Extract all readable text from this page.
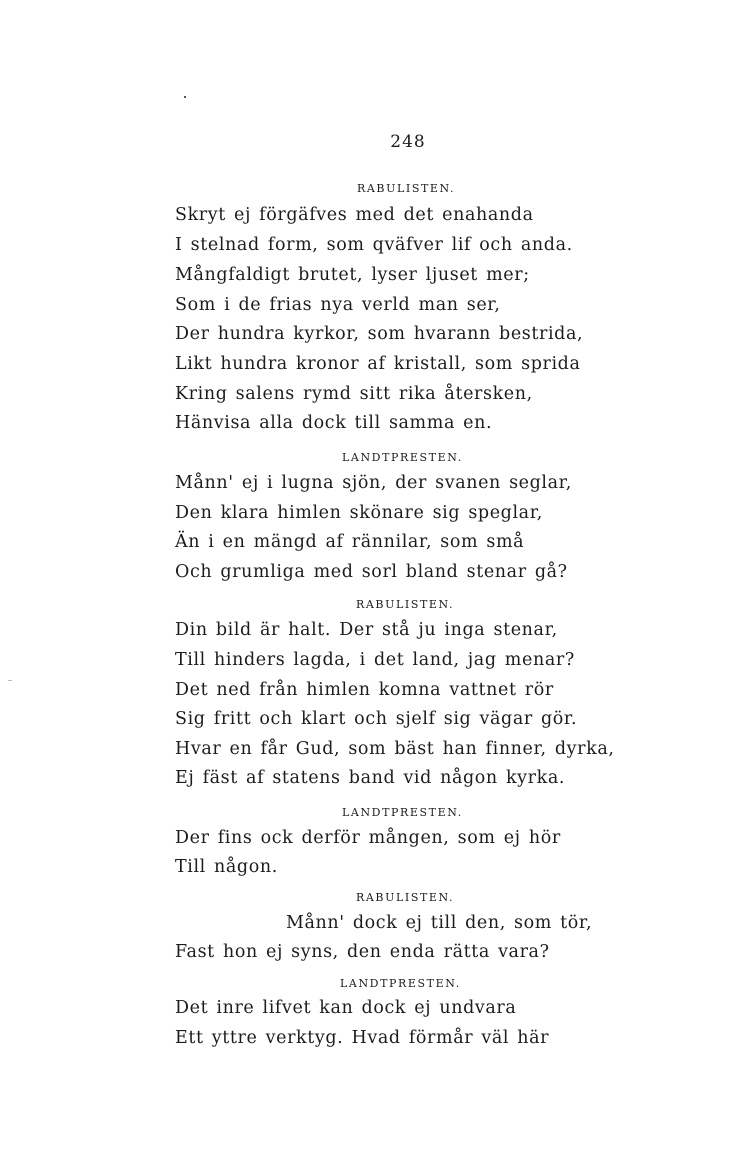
248
RABULISTEN.
Skryt ej förgäfves med det enahanda
I stelnad form, som qväfver lif och anda.
Mångfaldigt brutet, lyser ljuset mer;
Som i de frias nya verld man ser,
Der hundra kyrkor, som hvarann bestrida,
Likt hundra kronor af kristall, som sprida
Kring salens rymd sitt rika återsken,
Hänvisa alla dock till samma en.
LANDTPRESTEN.
Månn' ej i lugna sjön, der svanen seglar,
Den klara himlen skönare sig speglar,
Än i en mängd af rännilar, som små
Och grumliga med sorl bland stenar gå?
RABULISTEN.
Din bild är halt. Der stå ju inga stenar,
Till hinders lagda, i det land, jag menar?
Det ned från himlen komna vattnet rör
Sig fritt och klart och sjelf sig vägar gör.
Hvar en får Gud, som bäst han finner, dyrka,
Ej fäst af statens band vid någon kyrka.
LANDTPRESTEN.
Der fins ock derför mången, som ej hör
Till någon.
RABULISTEN.
Månn' dock ej till den, som tör,
Fast hon ej syns, den enda rätta vara?
LANDTPRESTEN.
Det inre lifvet kan dock ej undvara
Ett yttre verktyg. Hvad förmår väl här
